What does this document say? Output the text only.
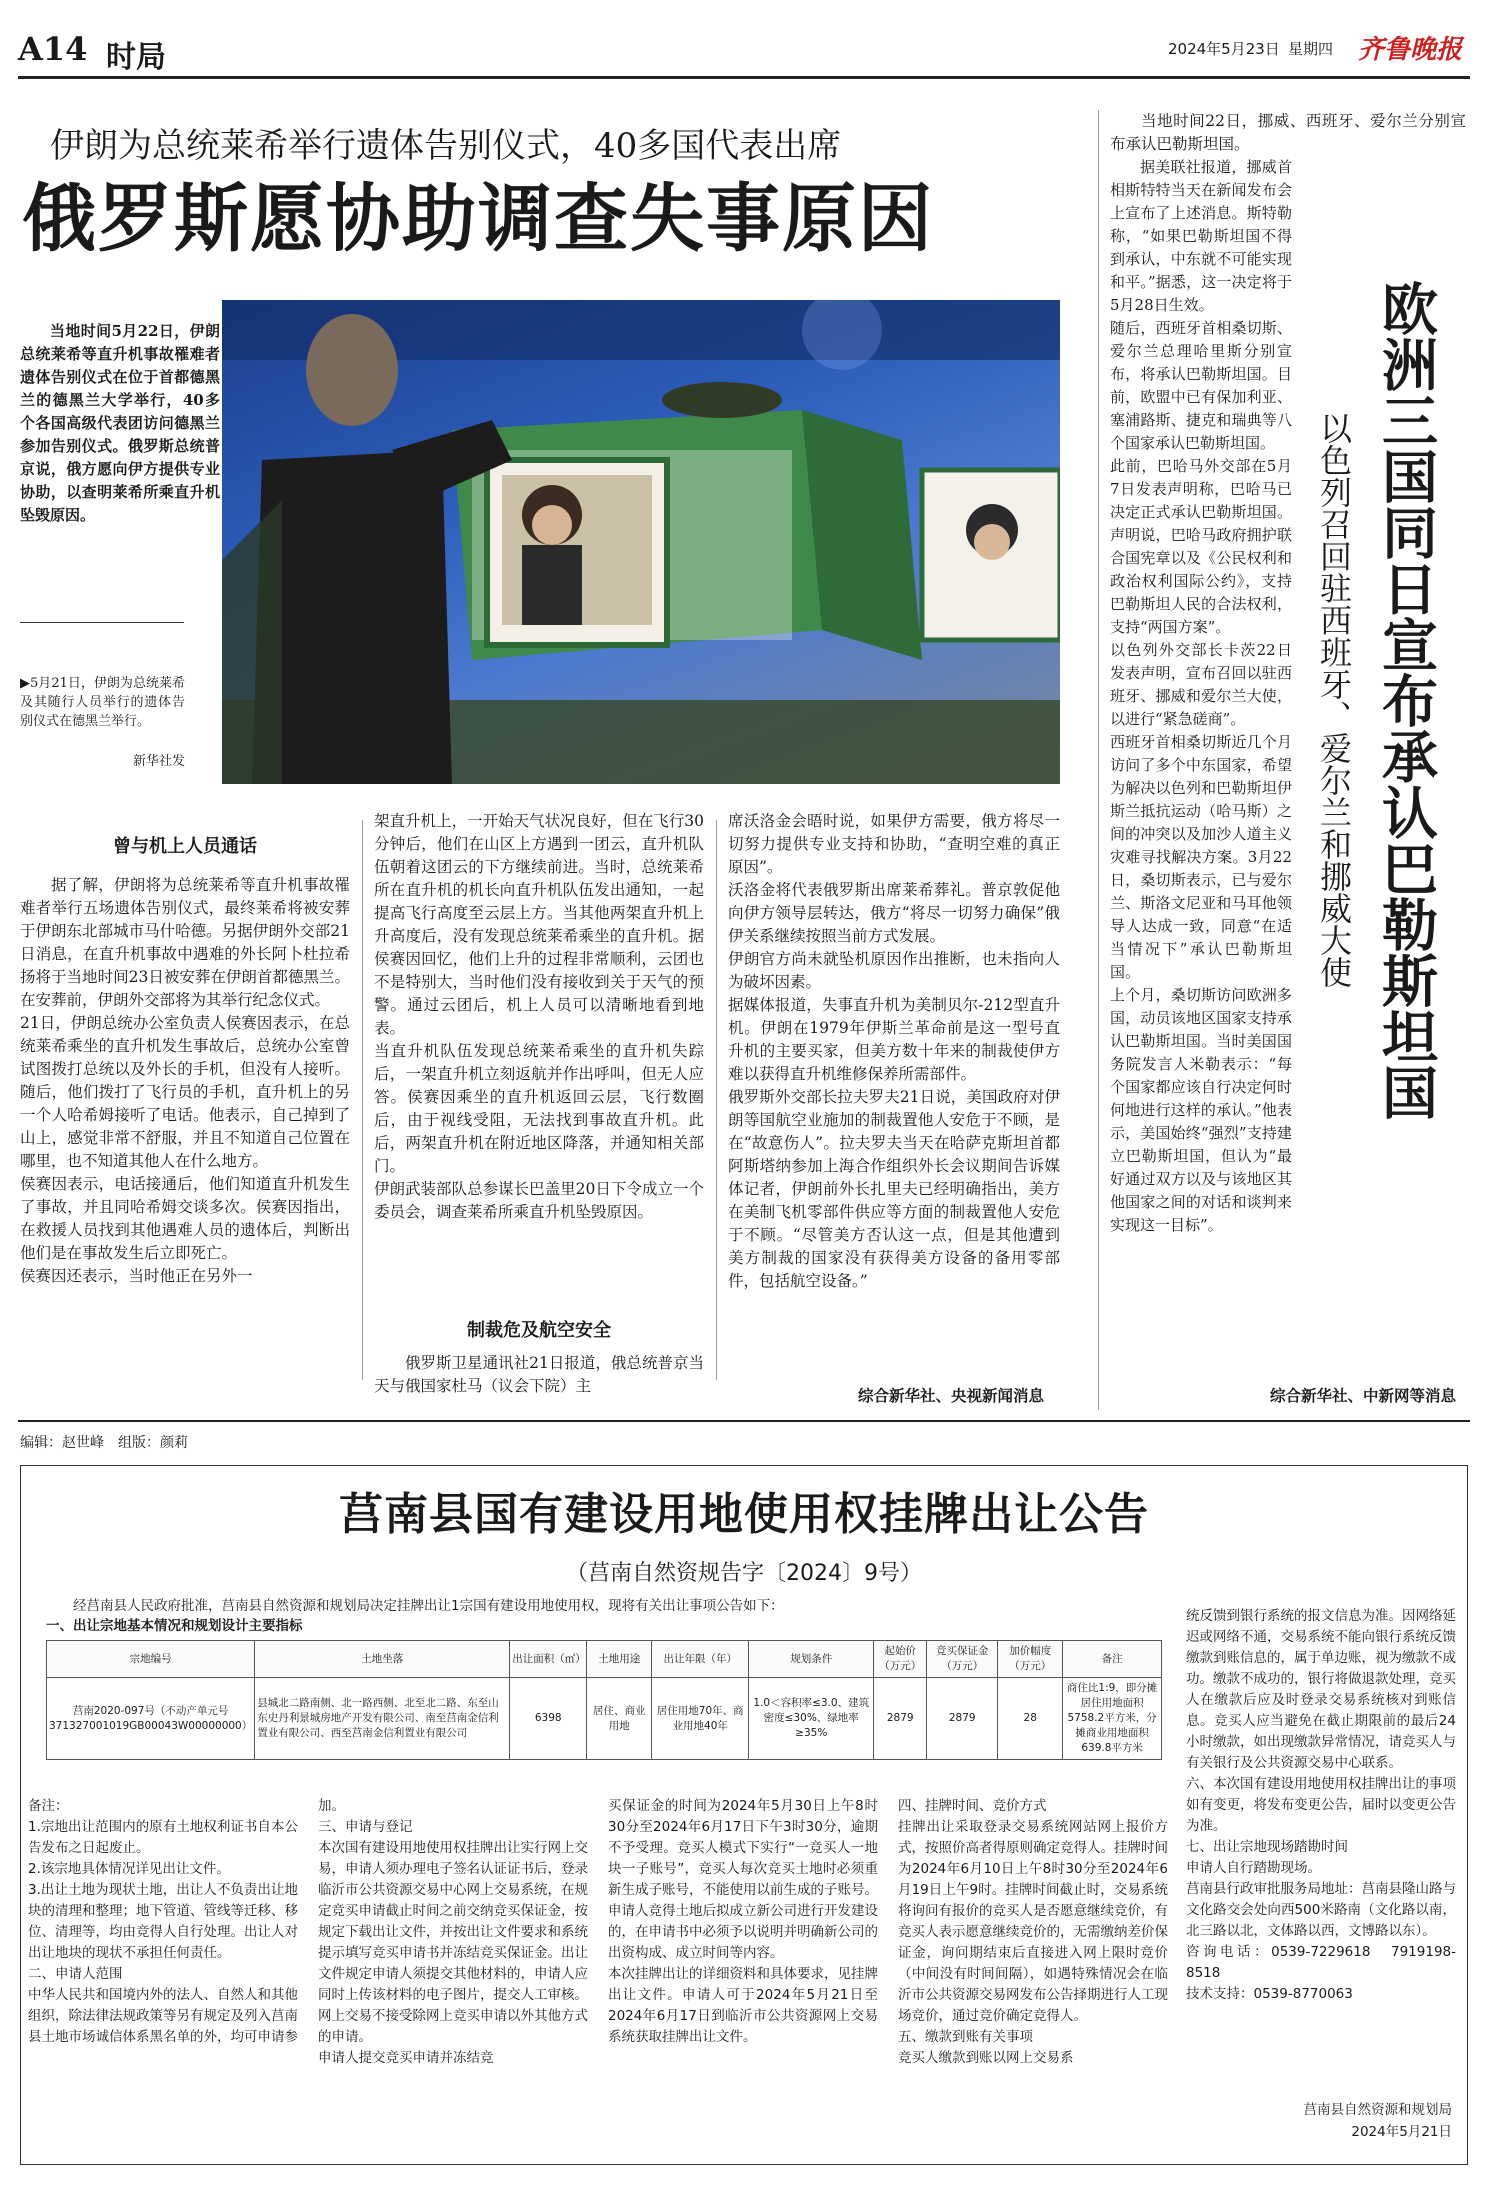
A14 时局	2024年5月23日 星期四 齐鲁晚报
伊朗为总统莱希举行遗体告别仪式，40多国代表出席
俄罗斯愿协助调查失事原因
当地时间5月22日，伊朗总统莱希等直升机事故罹难者遗体告别仪式在位于首都德黑兰的德黑兰大学举行，40多个各国高级代表团访问德黑兰参加告别仪式。俄罗斯总统普京说，俄方愿向伊方提供专业协助，以查明莱希所乘直升机坠毁原因。
▶5月21日，伊朗为总统莱希及其随行人员举行的遗体告别仪式在德黑兰举行。
新华社发
曾与机上人员通话

据了解，伊朗将为总统莱希等直升机事故罹难者举行五场遗体告别仪式，最终莱希将被安葬于伊朗东北部城市马什哈德。另据伊朗外交部21日消息，在直升机事故中遇难的外长阿卜杜拉希扬将于当地时间23日被安葬在伊朗首都德黑兰。在安葬前，伊朗外交部将为其举行纪念仪式。
21日，伊朗总统办公室负责人侯赛因表示，在总统莱希乘坐的直升机发生事故后，总统办公室曾试图拨打总统以及外长的手机，但没有人接听。随后，他们拨打了飞行员的手机，直升机上的另一个人哈希姆接听了电话。他表示，自己掉到了山上，感觉非常不舒服，并且不知道自己位置在哪里，也不知道其他人在什么地方。
侯赛因表示，电话接通后，他们知道直升机发生了事故，并且同哈希姆交谈多次。侯赛因指出，在救援人员找到其他遇难人员的遗体后，判断出他们是在事故发生后立即死亡。
侯赛因还表示，当时他正在另外一

架直升机上，一开始天气状况良好，但在飞行30分钟后，他们在山区上方遇到一团云，直升机队伍朝着这团云的下方继续前进。当时，总统莱希所在直升机的机长向直升机队伍发出通知，一起提高飞行高度至云层上方。当其他两架直升机上升高度后，没有发现总统莱希乘坐的直升机。据侯赛因回忆，他们上升的过程非常顺利，云团也不是特别大，当时他们没有接收到关于天气的预警。通过云团后，机上人员可以清晰地看到地表。
当直升机队伍发现总统莱希乘坐的直升机失踪后，一架直升机立刻返航并作出呼叫，但无人应答。侯赛因乘坐的直升机返回云层，飞行数圈后，由于视线受阻，无法找到事故直升机。此后，两架直升机在附近地区降落，并通知相关部门。
伊朗武装部队总参谋长巴盖里20日下令成立一个委员会，调查莱希所乘直升机坠毁原因。

制裁危及航空安全

俄罗斯卫星通讯社21日报道，俄总统普京当天与俄国家杜马（议会下院）主

席沃洛金会晤时说，如果伊方需要，俄方将尽一切努力提供专业支持和协助，“查明空难的真正原因”。
沃洛金将代表俄罗斯出席莱希葬礼。普京敦促他向伊方领导层转达，俄方“将尽一切努力确保”俄伊关系继续按照当前方式发展。
伊朗官方尚未就坠机原因作出推断，也未指向人为破坏因素。
据媒体报道，失事直升机为美制贝尔-212型直升机。伊朗在1979年伊斯兰革命前是这一型号直升机的主要买家，但美方数十年来的制裁使伊方难以获得直升机维修保养所需部件。
俄罗斯外交部长拉夫罗夫21日说，美国政府对伊朗等国航空业施加的制裁置他人安危于不顾，是在“故意伤人”。拉夫罗夫当天在哈萨克斯坦首都阿斯塔纳参加上海合作组织外长会议期间告诉媒体记者，伊朗前外长扎里夫已经明确指出，美方在美制飞机零部件供应等方面的制裁置他人安危于不顾。“尽管美方否认这一点，但是其他遭到美方制裁的国家没有获得美方设备的备用零部件，包括航空设备。”

综合新华社、央视新闻消息
当地时间22日，挪威、西班牙、爱尔兰分别宣布承认巴勒斯坦国。

据美联社报道，挪威首相斯特特当天在新闻发布会上宣布了上述消息。斯特勒称，“如果巴勒斯坦国不得到承认，中东就不可能实现和平。”据悉，这一决定将于5月28日生效。
随后，西班牙首相桑切斯、爱尔兰总理哈里斯分别宣布，将承认巴勒斯坦国。目前，欧盟中已有保加利亚、塞浦路斯、捷克和瑞典等八个国家承认巴勒斯坦国。
此前，巴哈马外交部在5月7日发表声明称，巴哈马已决定正式承认巴勒斯坦国。声明说，巴哈马政府拥护联合国宪章以及《公民权利和政治权利国际公约》，支持巴勒斯坦人民的合法权利，支持“两国方案”。
以色列外交部长卡茨22日发表声明，宣布召回以驻西班牙、挪威和爱尔兰大使，以进行“紧急磋商”。
西班牙首相桑切斯近几个月访问了多个中东国家，希望为解决以色列和巴勒斯坦伊斯兰抵抗运动（哈马斯）之间的冲突以及加沙人道主义灾难寻找解决方案。3月22日，桑切斯表示，已与爱尔兰、斯洛文尼亚和马耳他领导人达成一致，同意“在适当情况下”承认巴勒斯坦国。
上个月，桑切斯访问欧洲多国，动员该地区国家支持承认巴勒斯坦国。当时美国国务院发言人米勒表示：“每个国家都应该自行决定何时何地进行这样的承认。”他表示，美国始终“强烈”支持建立巴勒斯坦国，但认为“最好通过双方以及与该地区其他国家之间的对话和谈判来实现这一目标”。

欧洲三国同日宣布承认巴勒斯坦国
以色列召回驻西班牙、爱尔兰和挪威大使
综合新华社、中新网等消息
编辑：赵世峰　组版：颜莉
莒南县国有建设用地使用权挂牌出让公告
（莒南自然资规告字〔2024〕9号）
经莒南县人民政府批准，莒南县自然资源和规划局决定挂牌出让1宗国有建设用地使用权，现将有关出让事项公告如下：
一、出让宗地基本情况和规划设计主要指标
宗地编号	土地坐落	出让面积（㎡）	土地用途	出让年限（年）	规划条件	起始价（万元）	竞买保证金（万元）	加价幅度（万元）	备注
莒南2020-097号（不动产单元号371327001019GB00043W00000000）	县城北二路南侧、北一路西侧、北至北二路、东至山东史丹利景城房地产开发有限公司、南至莒南金信利置业有限公司、西至莒南金信利置业有限公司	6398	居住、商业用地	居住用地70年、商业用地40年	1.0＜容积率≤3.0、建筑密度≤30%、绿地率≥35%	2879	2879	28	商住比1:9，即分摊居住用地面积5758.2平方米，分摊商业用地面积639.8平方米

备注：
1.宗地出让范围内的原有土地权利证书自本公告发布之日起废止。
2.该宗地具体情况详见出让文件。
3.出让土地为现状土地，出让人不负责出让地块的清理和整理；地下管道、管线等迁移、移位、清理等，均由竞得人自行处理。出让人对出让地块的现状不承担任何责任。
二、申请人范围
中华人民共和国境内外的法人、自然人和其他组织，除法律法规政策等另有规定及列入莒南县土地市场诚信体系黑名单的外，均可申请参

加。
三、申请与登记
本次国有建设用地使用权挂牌出让实行网上交易，申请人须办理电子签名认证证书后，登录临沂市公共资源交易中心网上交易系统，在规定竞买申请截止时间之前交纳竞买保证金，按规定下载出让文件，并按出让文件要求和系统提示填写竞买申请书并冻结竞买保证金。出让文件规定申请人须提交其他材料的，申请人应同时上传该材料的电子图片，提交人工审核。网上交易不接受除网上竞买申请以外其他方式的申请。
申请人提交竞买申请并冻结竞

买保证金的时间为2024年5月30日上午8时30分至2024年6月17日下午3时30分，逾期不予受理。竞买人模式下实行“一竞买人一地块一子账号”，竞买人每次竞买土地时必须重新生成子账号，不能使用以前生成的子账号。申请人竞得土地后拟成立新公司进行开发建设的，在申请书中必须予以说明并明确新公司的出资构成、成立时间等内容。
本次挂牌出让的详细资料和具体要求，见挂牌出让文件。申请人可于2024年5月21日至2024年6月17日到临沂市公共资源网上交易系统获取挂牌出让文件。

四、挂牌时间、竞价方式
挂牌出让采取登录交易系统网站网上报价方式，按照价高者得原则确定竞得人。挂牌时间为2024年6月10日上午8时30分至2024年6月19日上午9时。挂牌时间截止时，交易系统将询问有报价的竞买人是否愿意继续竞价，有竞买人表示愿意继续竞价的，无需缴纳差价保证金，询问期结束后直接进入网上限时竞价（中间没有时间间隔），如遇特殊情况会在临沂市公共资源交易网发布公告择期进行人工现场竞价，通过竞价确定竞得人。
五、缴款到账有关事项
竞买人缴款到账以网上交易系

统反馈到银行系统的报文信息为准。因网络延迟或网络不通，交易系统不能向银行系统反馈缴款到账信息的，属于单边账，视为缴款不成功。缴款不成功的，银行将做退款处理，竞买人在缴款后应及时登录交易系统核对到账信息。竞买人应当避免在截止期限前的最后24小时缴款，如出现缴款异常情况，请竞买人与有关银行及公共资源交易中心联系。
六、本次国有建设用地使用权挂牌出让的事项如有变更，将发布变更公告，届时以变更公告为准。
七、出让宗地现场踏勘时间
申请人自行踏勘现场。
莒南县行政审批服务局地址：莒南县隆山路与文化路交会处向西500米路南（文化路以南，北三路以北，文体路以西，文博路以东）。
咨询电话：0539-7229618　7919198-8518
技术支持：0539-8770063

莒南县自然资源和规划局
2024年5月21日
